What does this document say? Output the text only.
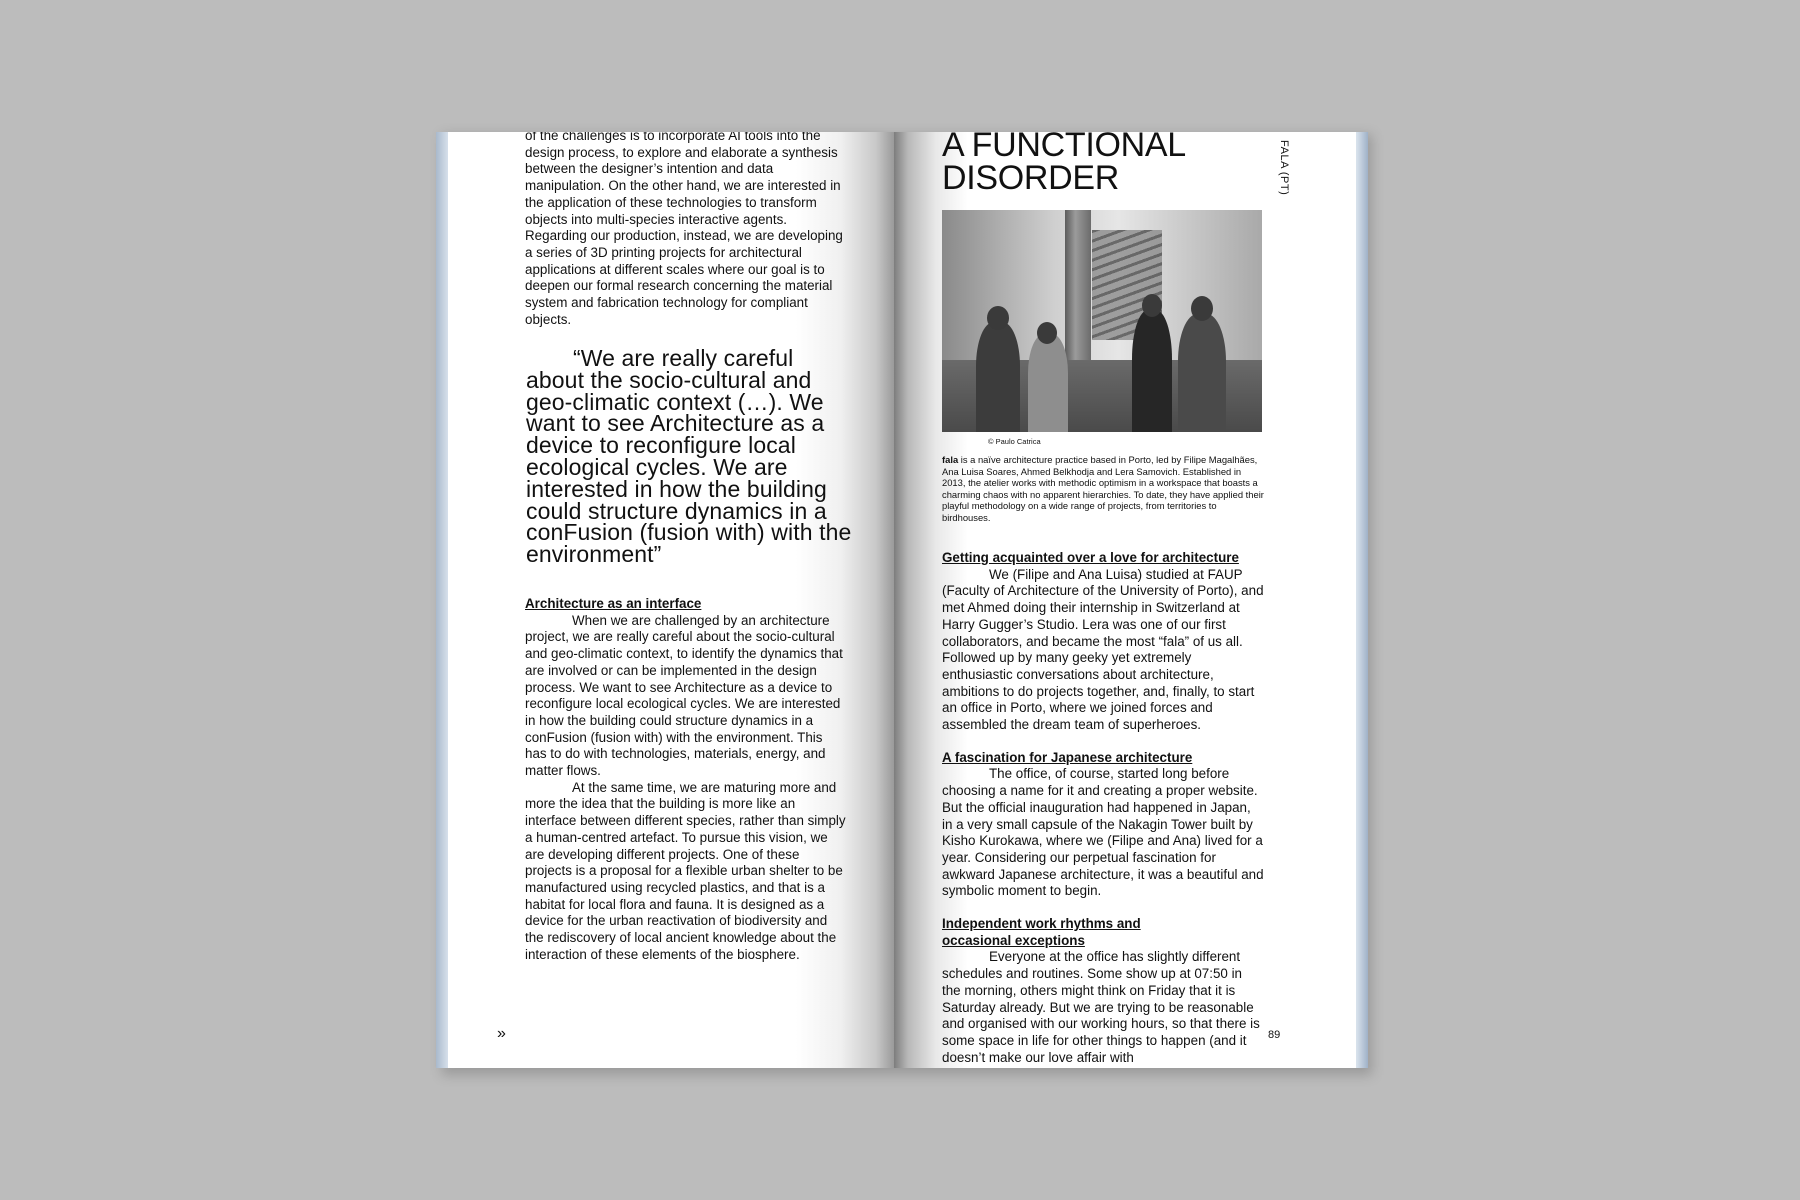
of the challenges is to incorporate AI tools into the design process, to explore and elaborate a synthesis between the designer’s intention and data manipulation. On the other hand, we are interested in the application of these technologies to transform objects into multi-species interactive agents. Regarding our production, instead, we are developing a series of 3D printing projects for architectural applications at different scales where our goal is to deepen our formal research concerning the material system and fabrication technology for compliant objects.

“We are really careful about the socio-cultural and geo-climatic context (…). We want to see Architecture as a device to reconfigure local ecological cycles. We are interested in how the building could structure dynamics in a conFusion (fusion with) with the environment”

Architecture as an interface

When we are challenged by an architecture project, we are really careful about the socio-cultural and geo-climatic context, to identify the dynamics that are involved or can be implemented in the design process. We want to see Architecture as a device to reconfigure local ecological cycles. We are interested in how the building could structure dynamics in a conFusion (fusion with) with the environment. This has to do with technologies, materials, energy, and matter flows.

At the same time, we are maturing more and more the idea that the building is more like an interface between different species, rather than simply a human-centred artefact. To pursue this vision, we are developing different projects. One of these projects is a proposal for a flexible urban shelter to be manufactured using recycled plastics, and that is a habitat for local flora and fauna. It is designed as a device for the urban reactivation of biodiversity and the rediscovery of local ancient knowledge about the interaction of these elements of the biosphere.

»
A FUNCTIONAL DISORDER	FALA (PT)
© Paulo Catrica

fala is a naïve architecture practice based in Porto, led by Filipe Magalhães, Ana Luisa Soares, Ahmed Belkhodja and Lera Samovich. Established in 2013, the atelier works with methodic optimism in a workspace that boasts a charming chaos with no apparent hierarchies. To date, they have applied their playful methodology on a wide range of projects, from territories to birdhouses.

Getting acquainted over a love for architecture

We (Filipe and Ana Luisa) studied at FAUP (Faculty of Architecture of the University of Porto), and met Ahmed doing their internship in Switzerland at Harry Gugger’s Studio. Lera was one of our first collaborators, and became the most “fala” of us all. Followed up by many geeky yet extremely enthusiastic conversations about architecture, ambitions to do projects together, and, finally, to start an office in Porto, where we joined forces and assembled the dream team of superheroes.

A fascination for Japanese architecture

The office, of course, started long before choosing a name for it and creating a proper website. But the official inauguration had happened in Japan, in a very small capsule of the Nakagin Tower built by Kisho Kurokawa, where we (Filipe and Ana) lived for a year. Considering our perpetual fascination for awkward Japanese architecture, it was a beautiful and symbolic moment to begin.

Independent work rhythms and occasional exceptions

Everyone at the office has slightly different schedules and routines. Some show up at 07:50 in the morning, others might think on Friday that it is Saturday already. But we are trying to be reasonable and organised with our working hours, so that there is some space in life for other things to happen (and it doesn’t make our love affair with

89
